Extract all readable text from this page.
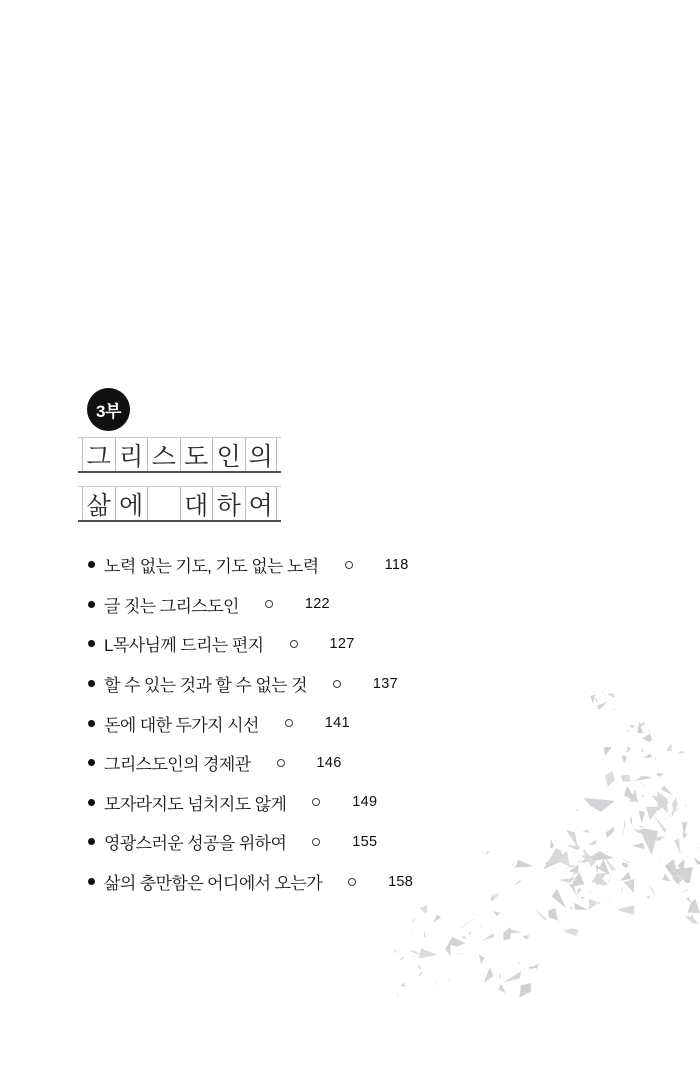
3부
그 리 스 도 인 의
삶 에 대 하 여
노력 없는 기도, 기도 없는 노력	118
글 짓는 그리스도인	122
L목사님께 드리는 편지	127
할 수 있는 것과 할 수 없는 것	137
돈에 대한 두가지 시선	141
그리스도인의 경제관	146
모자라지도 넘치지도 않게	149
영광스러운 성공을 위하여	155
삶의 충만함은 어디에서 오는가	158
